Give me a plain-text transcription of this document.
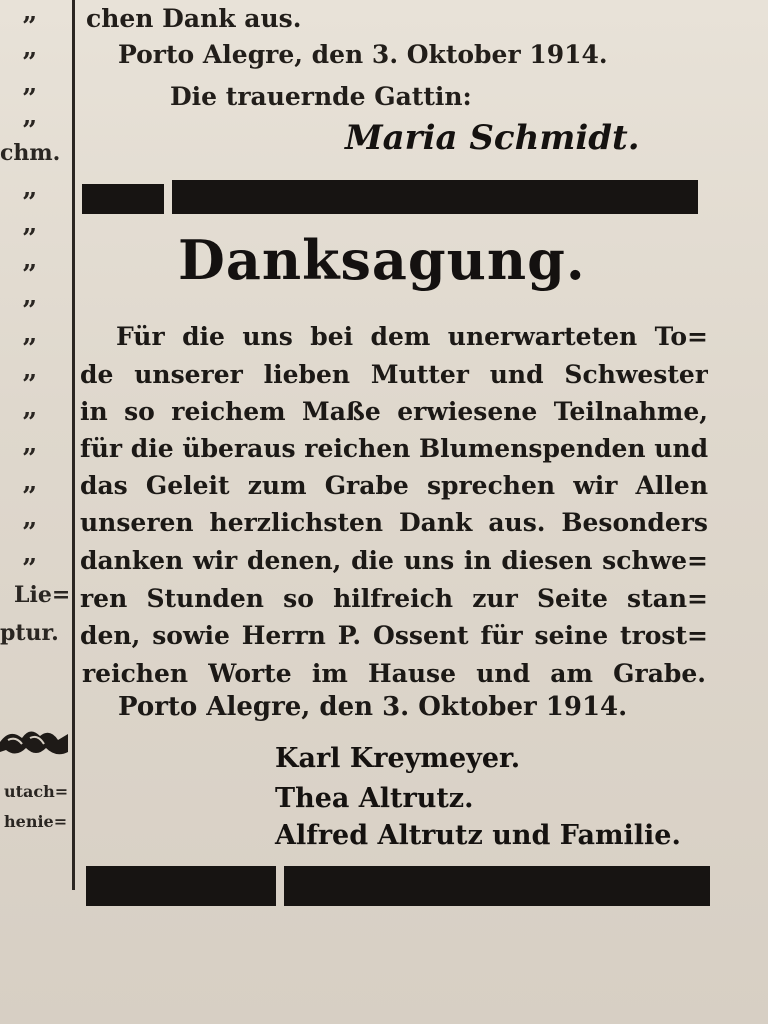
”
”
”
”
chm.
”
”
”
”
”
”
”
”
”
”
”
Lie=
ptur.
utach=
henie=
chen Dank aus.
Porto Alegre, den 3. Oktober 1914.
Die trauernde Gattin:
Maria Schmidt.
Danksagung.
Für die uns bei dem unerwarteten To=
de unserer lieben Mutter und Schwester
in so reichem Maße erwiesene Teilnahme,
für die überaus reichen Blumenspenden und
das Geleit zum Grabe sprechen wir Allen
unseren herzlichsten Dank aus. Besonders
danken wir denen, die uns in diesen schwe=
ren Stunden so hilfreich zur Seite stan=
den, sowie Herrn P. Ossent für seine trost=
reichen Worte im Hause und am Grabe.
Porto Alegre, den 3. Oktober 1914.
Karl Kreymeyer.
Thea Altrutz.
Alfred Altrutz und Familie.
